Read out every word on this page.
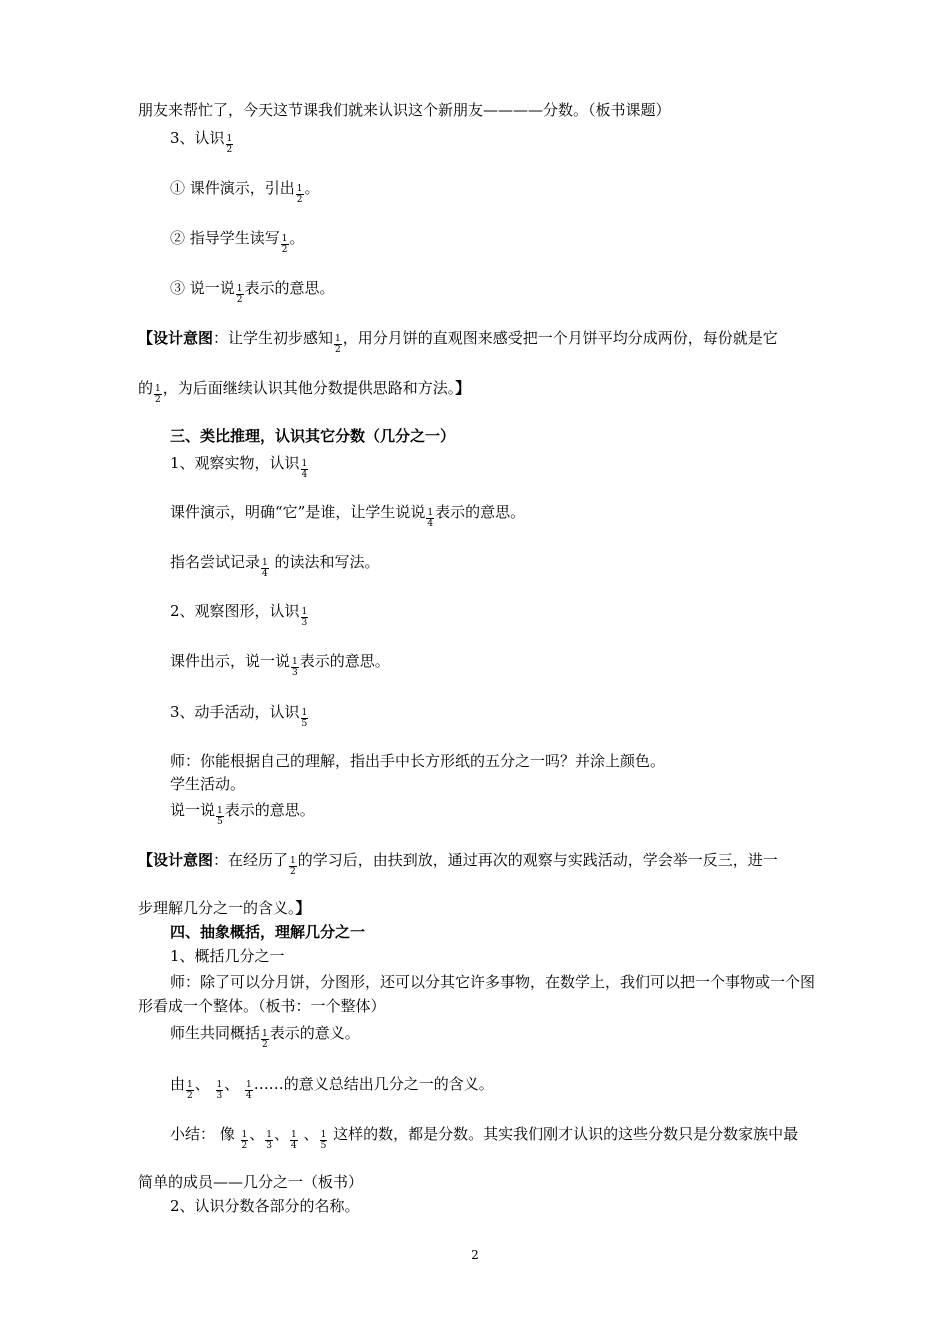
朋友来帮忙了，今天这节课我们就来认识这个新朋友————分数。（板书课题）
3、认识 $\frac{1}{2}$
① 课件演示，引出 $\frac{1}{2}$ 。
② 指导学生读写 $\frac{1}{2}$ 。
③ 说一说 $\frac{1}{2}$ 表示的意思。
【设计意图：让学生初步感知 $\frac{1}{2}$ ，用分月饼的直观图来感受把一个月饼平均分成两份，每份就是它
的 $\frac{1}{2}$ ，为后面继续认识其他分数提供思路和方法。】
三、类比推理，认识其它分数（几分之一）
1、观察实物，认识 $\frac{1}{4}$
课件演示，明确“它”是谁，让学生说说 $\frac{1}{4}$ 表示的意思。
指名尝试记录 $\frac{1}{4}$ 的读法和写法。
2、观察图形，认识 $\frac{1}{3}$
课件出示，说一说 $\frac{1}{3}$ 表示的意思。
3、动手活动，认识 $\frac{1}{5}$
师：你能根据自己的理解，指出手中长方形纸的五分之一吗？并涂上颜色。
学生活动。
说一说 $\frac{1}{5}$ 表示的意思。
【设计意图：在经历了 $\frac{1}{2}$ 的学习后，由扶到放，通过再次的观察与实践活动，学会举一反三，进一
步理解几分之一的含义。】
四、抽象概括，理解几分之一
1、概括几分之一
师：除了可以分月饼，分图形，还可以分其它许多事物，在数学上，我们可以把一个事物或一个图
形看成一个整体。（板书：一个整体）
师生共同概括 $\frac{1}{2}$ 表示的意义。
由 $\frac{1}{2}$ 、 $\frac{1}{3}$ 、 $\frac{1}{4}$ ……的意义总结出几分之一的含义。
小结： 像 $\frac{1}{2}$ 、 $\frac{1}{3}$ 、 $\frac{1}{4}$ 、 $\frac{1}{5}$ 这样的数，都是分数。其实我们刚才认识的这些分数只是分数家族中最
简单的成员——几分之一（板书）
2、认识分数各部分的名称。
2
